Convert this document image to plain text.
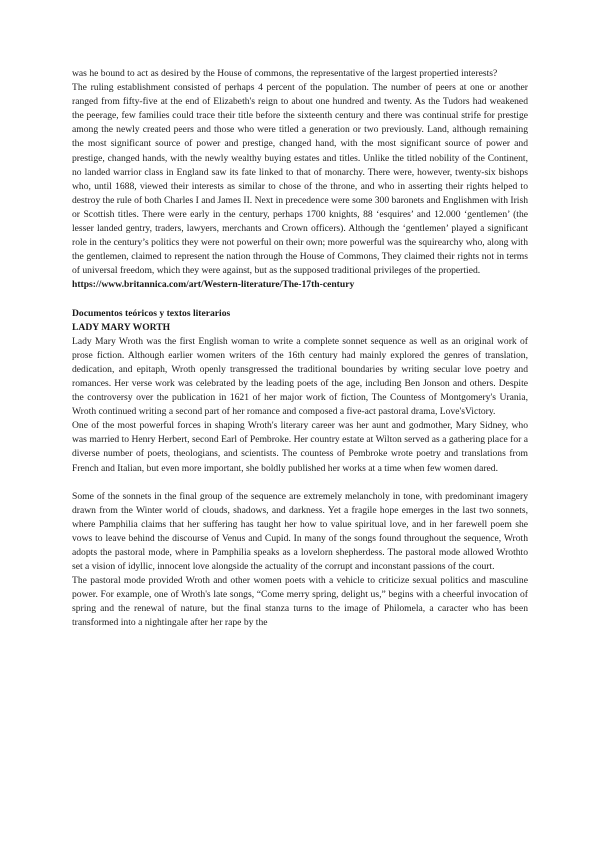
was he bound to act as desired by the House of commons, the representative of the largest propertied interests?

The ruling establishment consisted of perhaps 4 percent of the population. The number of peers at one or another ranged from fifty-five at the end of Elizabeth's reign to about one hundred and twenty. As the Tudors had weakened the peerage, few families could trace their title before the sixteenth century and there was continual strife for prestige among the newly created peers and those who were titled a generation or two previously. Land, although remaining the most significant source of power and prestige, changed hand, with the most significant source of power and prestige, changed hands, with the newly wealthy buying estates and titles. Unlike the titled nobility of the Continent, no landed warrior class in England saw its fate linked to that of monarchy. There were, however, twenty-six bishops who, until 1688, viewed their interests as similar to chose of the throne, and who in asserting their rights helped to destroy the rule of both Charles I and James II. Next in precedence were some 300 baronets and Englishmen with Irish or Scottish titles. There were early in the century, perhaps 1700 knights, 88 ‘esquires’ and 12.000 ‘gentlemen’ (the lesser landed gentry, traders, lawyers, merchants and Crown officers). Although the ‘gentlemen’ played a significant role in the century’s politics they were not powerful on their own; more powerful was the squirearchy who, along with the gentlemen, claimed to represent the nation through the House of Commons, They claimed their rights not in terms of universal freedom, which they were against, but as the supposed traditional privileges of the propertied.

https://www.britannica.com/art/Western-literature/The-17th-century

Documentos teóricos y textos literarios

LADY MARY WORTH

Lady Mary Wroth was the first English woman to write a complete sonnet sequence as well as an original work of prose fiction. Although earlier women writers of the 16th century had mainly explored the genres of translation, dedication, and epitaph, Wroth openly transgressed the traditional boundaries by writing secular love poetry and romances. Her verse work was celebrated by the leading poets of the age, including Ben Jonson and others. Despite the controversy over the publication in 1621 of her major work of fiction, The Countess of Montgomery's Urania, Wroth continued writing a second part of her romance and composed a five-act pastoral drama, Love'sVictory.

One of the most powerful forces in shaping Wroth's literary career was her aunt and godmother, Mary Sidney, who was married to Henry Herbert, second Earl of Pembroke. Her country estate at Wilton served as a gathering place for a diverse number of poets, theologians, and scientists. The countess of Pembroke wrote poetry and translations from French and Italian, but even more important, she boldly published her works at a time when few women dared.

Some of the sonnets in the final group of the sequence are extremely melancholy in tone, with predominant imagery drawn from the Winter world of clouds, shadows, and darkness. Yet a fragile hope emerges in the last two sonnets, where Pamphilia claims that her suffering has taught her how to value spiritual love, and in her farewell poem she vows to leave behind the discourse of Venus and Cupid. In many of the songs found throughout the sequence, Wroth adopts the pastoral mode, where in Pamphilia speaks as a lovelorn shepherdess. The pastoral mode allowed Wrothto set a vision of idyllic, innocent love alongside the actuality of the corrupt and inconstant passions of the court.

The pastoral mode provided Wroth and other women poets with a vehicle to criticize sexual politics and masculine power. For example, one of Wroth's late songs, “Come merry spring, delight us,” begins with a cheerful invocation of spring and the renewal of nature, but the final stanza turns to the image of Philomela, a caracter who has been transformed into a nightingale after her rape by the
